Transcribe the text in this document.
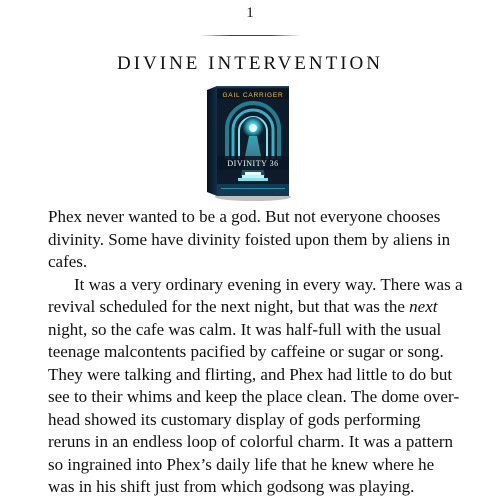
1
DIVINE INTERVENTION
GAIL CARRIGER
DIVINITY 36

Phex never wanted to be a god. But not everyone chooses divinity. Some have divinity foisted upon them by aliens in cafes.

It was a very ordinary evening in every way. There was a revival scheduled for the next night, but that was the next night, so the cafe was calm. It was half-full with the usual teenage malcontents pacified by caffeine or sugar or song. They were talking and flirting, and Phex had little to do but see to their whims and keep the place clean. The dome overhead showed its customary display of gods performing reruns in an endless loop of colorful charm. It was a pattern so ingrained into Phex’s daily life that he knew where he was in his shift just from which godsong was playing.
